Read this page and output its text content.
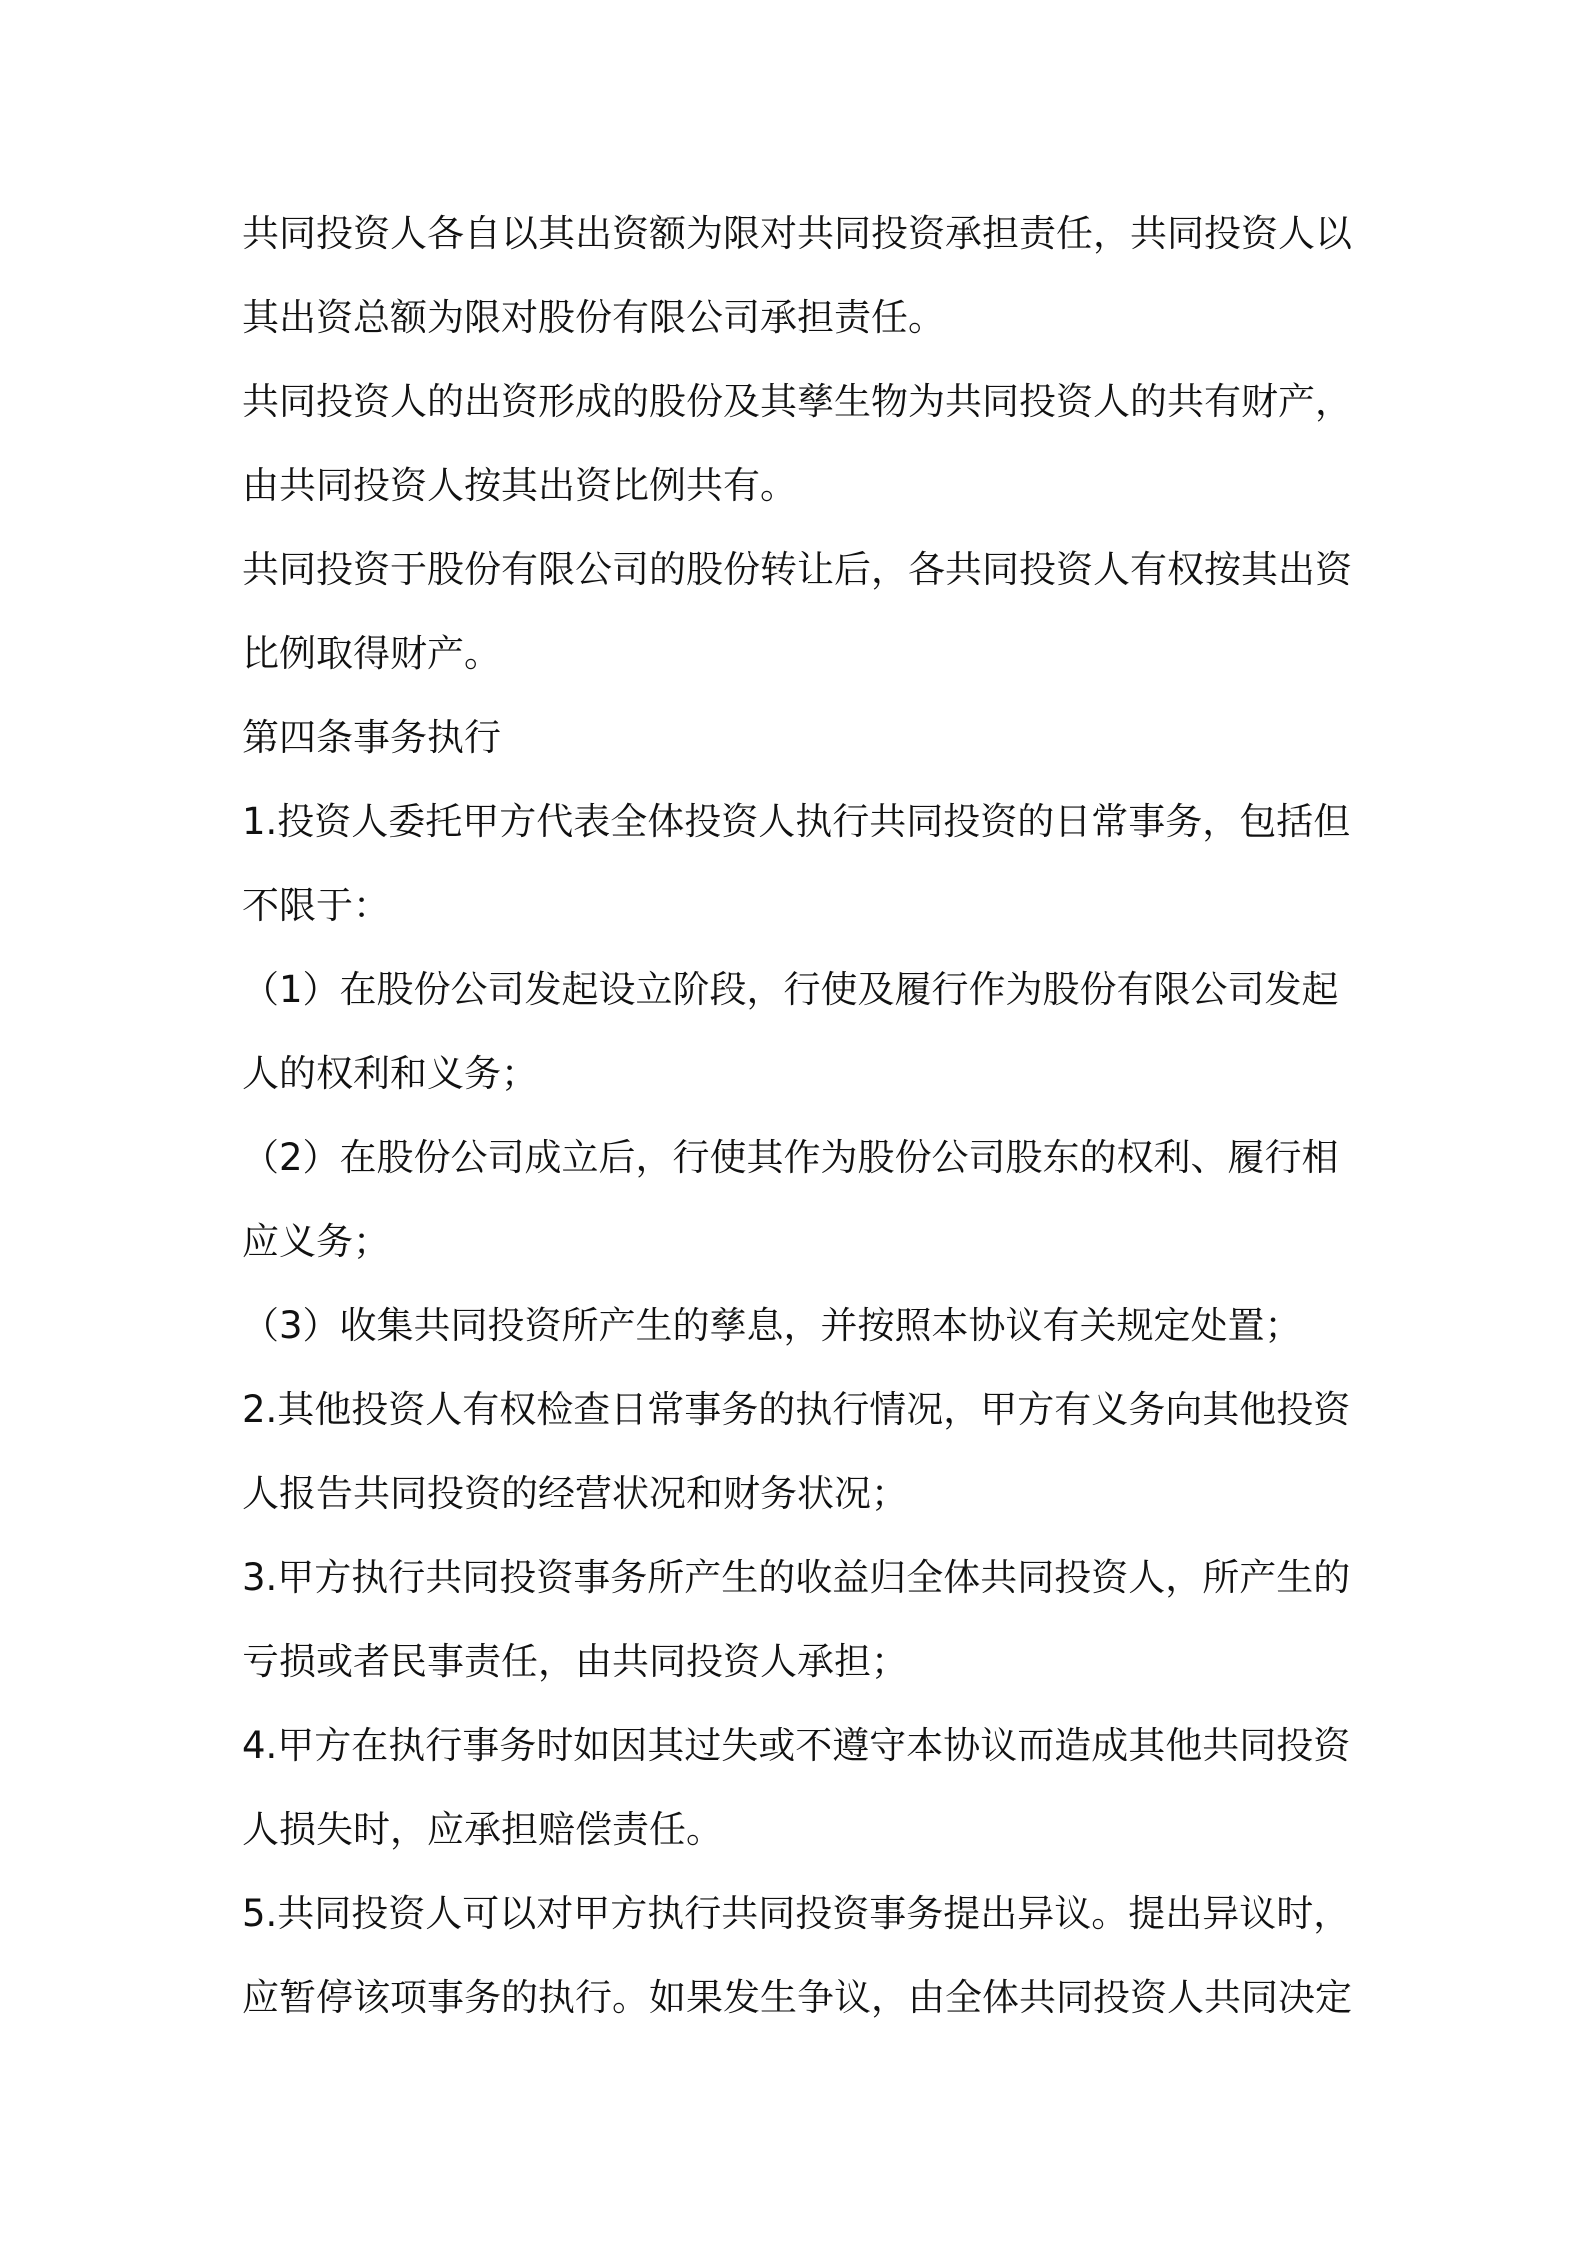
共同投资人各自以其出资额为限对共同投资承担责任，共同投资人以其出资总额为限对股份有限公司承担责任。

共同投资人的出资形成的股份及其孳生物为共同投资人的共有财产，由共同投资人按其出资比例共有。

共同投资于股份有限公司的股份转让后，各共同投资人有权按其出资比例取得财产。

第四条事务执行

1.投资人委托甲方代表全体投资人执行共同投资的日常事务，包括但不限于：

（1）在股份公司发起设立阶段，行使及履行作为股份有限公司发起人的权利和义务；

（2）在股份公司成立后，行使其作为股份公司股东的权利、履行相应义务；

（3）收集共同投资所产生的孳息，并按照本协议有关规定处置；

2.其他投资人有权检查日常事务的执行情况，甲方有义务向其他投资人报告共同投资的经营状况和财务状况；

3.甲方执行共同投资事务所产生的收益归全体共同投资人，所产生的亏损或者民事责任，由共同投资人承担；

4.甲方在执行事务时如因其过失或不遵守本协议而造成其他共同投资人损失时，应承担赔偿责任。

5.共同投资人可以对甲方执行共同投资事务提出异议。提出异议时，应暂停该项事务的执行。如果发生争议，由全体共同投资人共同决定
